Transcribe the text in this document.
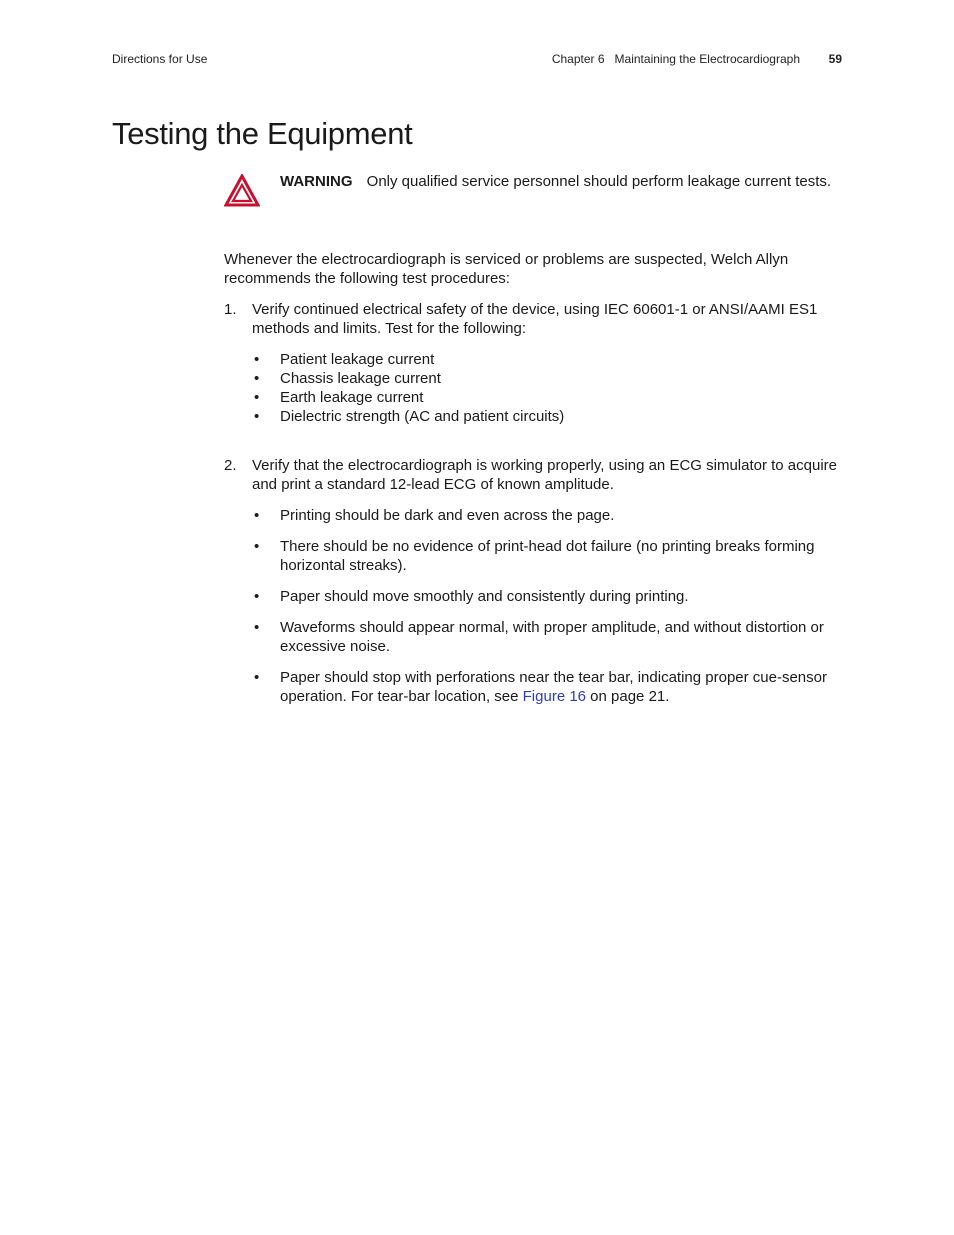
Directions for Use	Chapter 6 Maintaining the Electrocardiograph 59
Testing the Equipment
WARNING Only qualified service personnel should perform leakage current tests.

Whenever the electrocardiograph is serviced or problems are suspected, Welch Allyn recommends the following test procedures:

1. Verify continued electrical safety of the device, using IEC 60601-1 or ANSI/AAMI ES1 methods and limits. Test for the following:

• Patient leakage current
• Chassis leakage current
• Earth leakage current
• Dielectric strength (AC and patient circuits)
2. Verify that the electrocardiograph is working properly, using an ECG simulator to acquire and print a standard 12-lead ECG of known amplitude.

• Printing should be dark and even across the page.
• There should be no evidence of print-head dot failure (no printing breaks forming horizontal streaks).
• Paper should move smoothly and consistently during printing.
• Waveforms should appear normal, with proper amplitude, and without distortion or excessive noise.
• Paper should stop with perforations near the tear bar, indicating proper cue-sensor operation. For tear-bar location, see Figure 16 on page 21.
